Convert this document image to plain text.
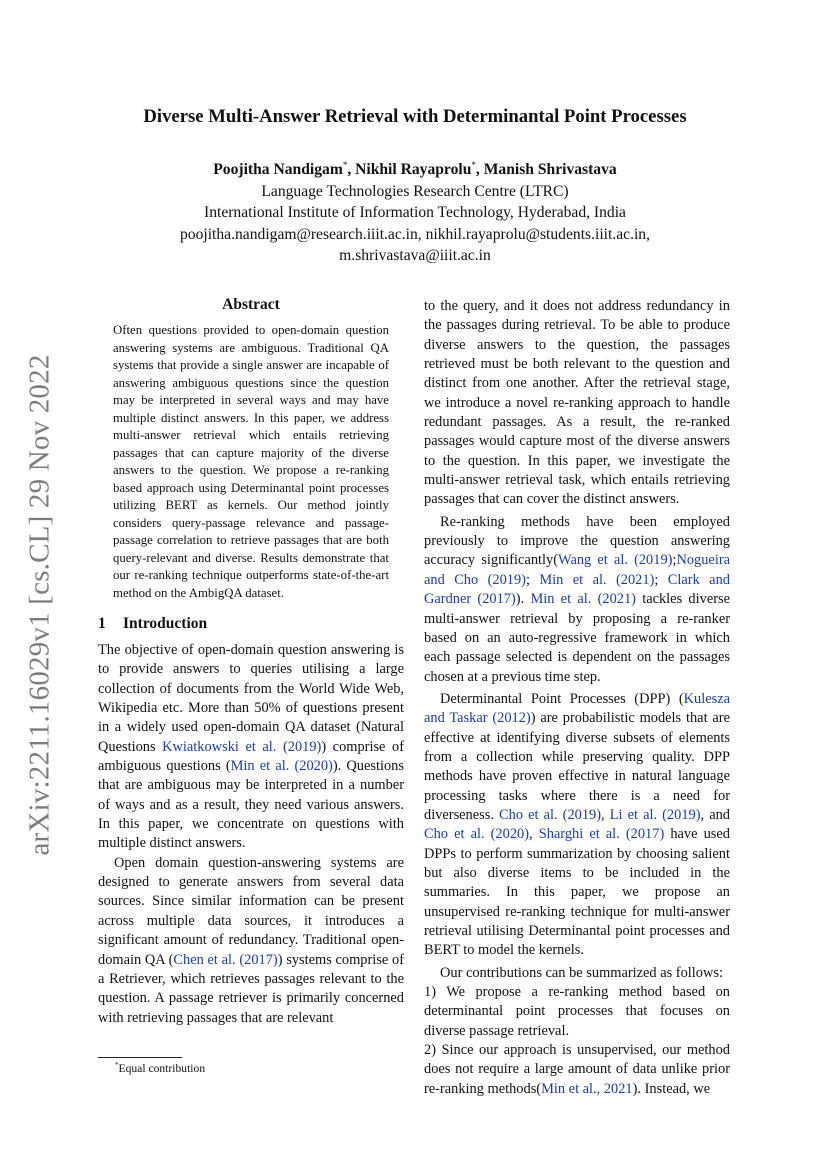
arXiv:2211.16029v1 [cs.CL] 29 Nov 2022
Diverse Multi-Answer Retrieval with Determinantal Point Processes
Poojitha Nandigam*, Nikhil Rayaprolu*, Manish Shrivastava
Language Technologies Research Centre (LTRC)
International Institute of Information Technology, Hyderabad, India
poojitha.nandigam@research.iiit.ac.in, nikhil.rayaprolu@students.iiit.ac.in,
m.shrivastava@iiit.ac.in
Abstract

Often questions provided to open-domain question answering systems are ambiguous. Traditional QA systems that provide a single answer are incapable of answering ambiguous questions since the question may be interpreted in several ways and may have multiple distinct answers. In this paper, we address multi-answer retrieval which entails retrieving passages that can capture majority of the diverse answers to the question. We propose a re-ranking based approach using Determinantal point processes utilizing BERT as kernels. Our method jointly considers query-passage relevance and passage-passage correlation to retrieve passages that are both query-relevant and diverse. Results demonstrate that our re-ranking technique outperforms state-of-the-art method on the AmbigQA dataset.

1 Introduction

The objective of open-domain question answering is to provide answers to queries utilising a large collection of documents from the World Wide Web, Wikipedia etc. More than 50% of questions present in a widely used open-domain QA dataset (Natural Questions Kwiatkowski et al. (2019)) comprise of ambiguous questions (Min et al. (2020)). Questions that are ambiguous may be interpreted in a number of ways and as a result, they need various answers. In this paper, we concentrate on questions with multiple distinct answers.

Open domain question-answering systems are designed to generate answers from several data sources. Since similar information can be present across multiple data sources, it introduces a significant amount of redundancy. Traditional open-domain QA (Chen et al. (2017)) systems comprise of a Retriever, which retrieves passages relevant to the question. A passage retriever is primarily concerned with retrieving passages that are relevant

to the query, and it does not address redundancy in the passages during retrieval. To be able to produce diverse answers to the question, the passages retrieved must be both relevant to the question and distinct from one another. After the retrieval stage, we introduce a novel re-ranking approach to handle redundant passages. As a result, the re-ranked passages would capture most of the diverse answers to the question. In this paper, we investigate the multi-answer retrieval task, which entails retrieving passages that can cover the distinct answers.

Re-ranking methods have been employed previously to improve the question answering accuracy significantly(Wang et al. (2019);Nogueira and Cho (2019); Min et al. (2021); Clark and Gardner (2017)). Min et al. (2021) tackles diverse multi-answer retrieval by proposing a re-ranker based on an auto-regressive framework in which each passage selected is dependent on the passages chosen at a previous time step.

Determinantal Point Processes (DPP) (Kulesza and Taskar (2012)) are probabilistic models that are effective at identifying diverse subsets of elements from a collection while preserving quality. DPP methods have proven effective in natural language processing tasks where there is a need for diverseness. Cho et al. (2019), Li et al. (2019), and Cho et al. (2020), Sharghi et al. (2017) have used DPPs to perform summarization by choosing salient but also diverse items to be included in the summaries. In this paper, we propose an unsupervised re-ranking technique for multi-answer retrieval utilising Determinantal point processes and BERT to model the kernels.

Our contributions can be summarized as follows:

1) We propose a re-ranking method based on determinantal point processes that focuses on diverse passage retrieval.

2) Since our approach is unsupervised, our method does not require a large amount of data unlike prior re-ranking methods(Min et al., 2021). Instead, we

*Equal contribution
